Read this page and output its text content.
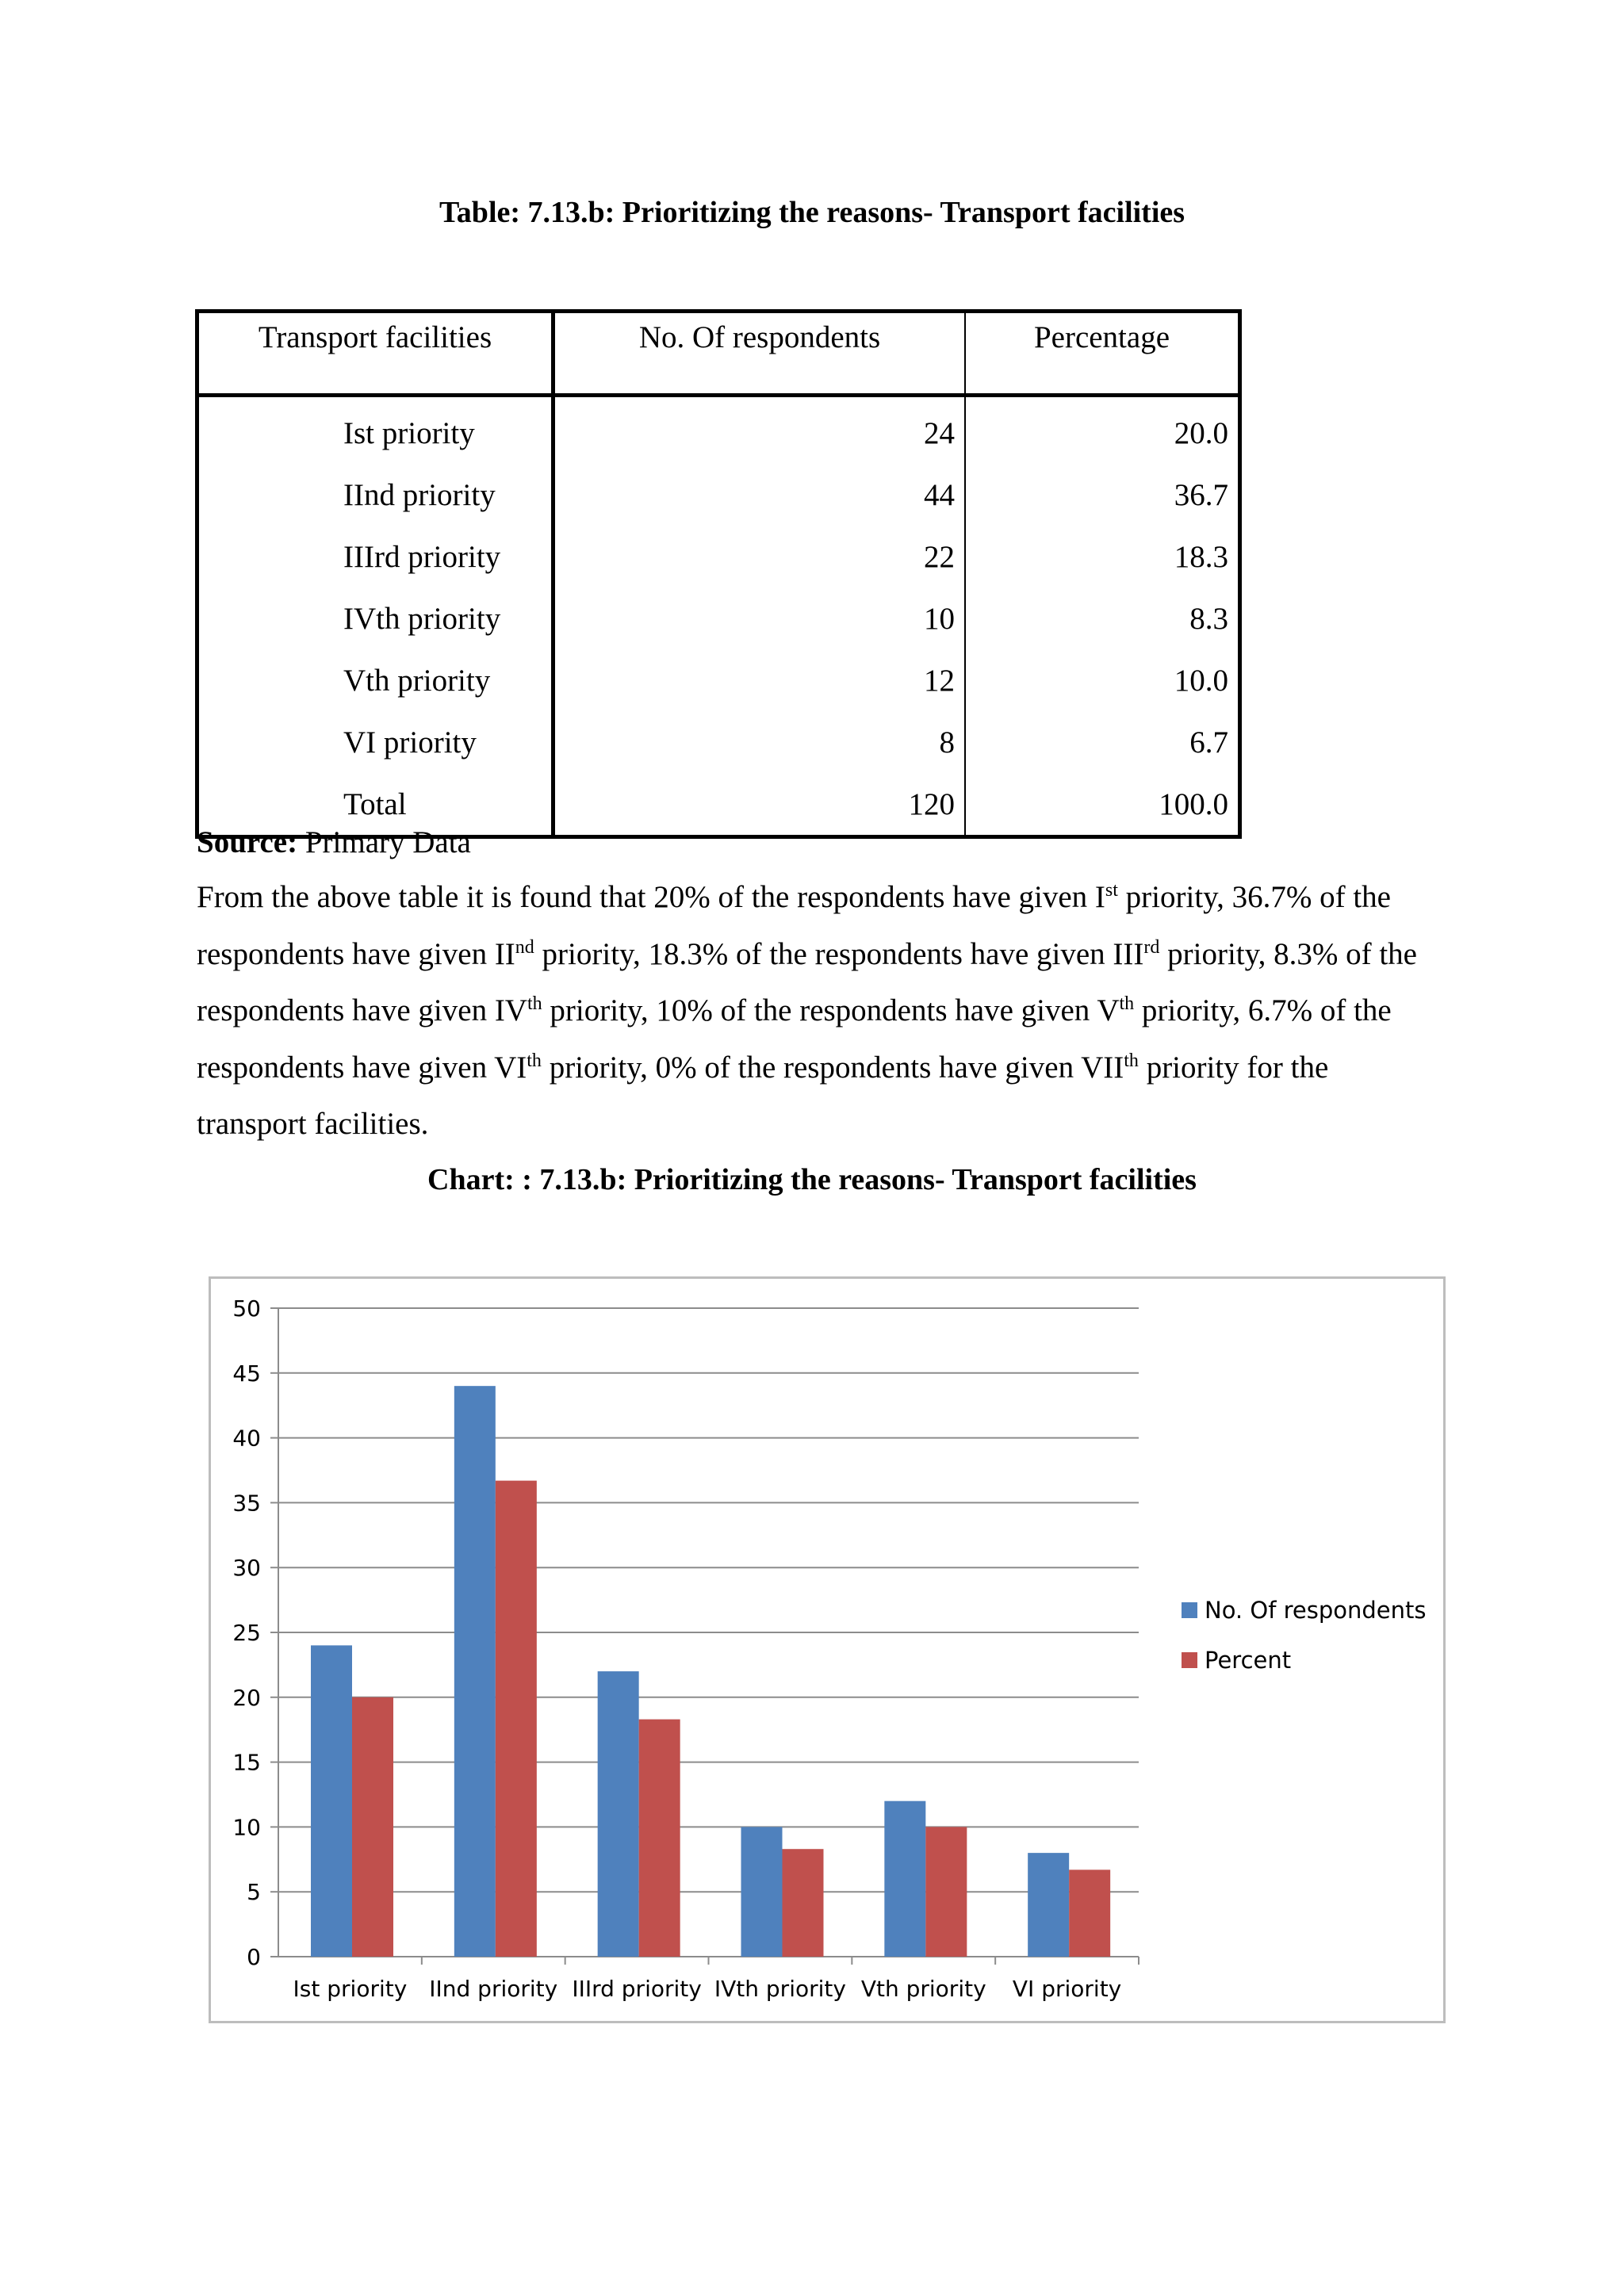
Table: 7.13.b: Prioritizing the reasons- Transport facilities
Transport facilities	No. Of respondents	Percentage
Ist priority	24	20.0
IInd priority	44	36.7
IIIrd priority	22	18.3
IVth priority	10	8.3
Vth priority	12	10.0
VI priority	8	6.7
Total	120	100.0
Source: Primary Data
From the above table it is found that 20% of the respondents have given Ist priority, 36.7% of the respondents have given IInd priority, 18.3% of the respondents have given IIIrd priority, 8.3% of the respondents have given IVth priority, 10% of the respondents have given Vth priority, 6.7% of the respondents have given VIth priority, 0% of the respondents have given VIIth priority for the transport facilities.
Chart: : 7.13.b: Prioritizing the reasons- Transport facilities
0
5
10
15
20
25
30
35
40
45
50
Ist priority IInd priority IIIrd priority IVth priority Vth priority VI priority
No. Of respondents
Percent
